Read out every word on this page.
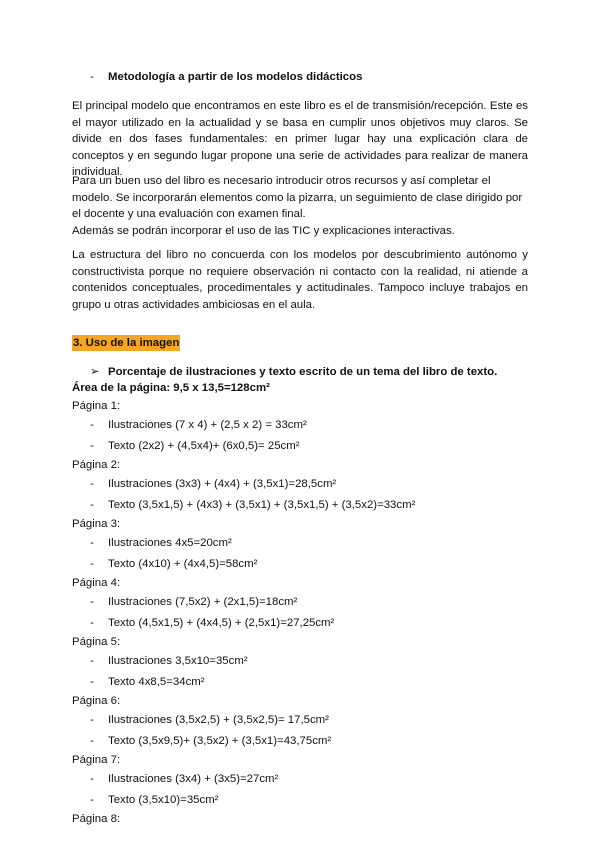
- Metodología a partir de los modelos didácticos

El principal modelo que encontramos en este libro es el de transmisión/recepción. Este es el mayor utilizado en la actualidad y se basa en cumplir unos objetivos muy claros. Se divide en dos fases fundamentales: en primer lugar hay una explicación clara de conceptos y en segundo lugar propone una serie de actividades para realizar de manera individual.

Para un buen uso del libro es necesario introducir otros recursos y así completar el modelo. Se incorporarán elementos como la pizarra, un seguimiento de clase dirigido por el docente y una evaluación con examen final.

Además se podrán incorporar el uso de las TIC y explicaciones interactivas.

La estructura del libro no concuerda con los modelos por descubrimiento autónomo y constructivista porque no requiere observación ni contacto con la realidad, ni atiende a contenidos conceptuales, procedimentales y actitudinales. Tampoco incluye trabajos en grupo u otras actividades ambiciosas en el aula.

3. Uso de la imagen
➢ Porcentaje de ilustraciones y texto escrito de un tema del libro de texto.
Área de la página: 9,5 x 13,5=128cm²
Página 1:
- Ilustraciones (7 x 4) + (2,5 x 2) = 33cm²
- Texto (2x2) + (4,5x4)+ (6x0,5)= 25cm²
Página 2:
- Ilustraciones (3x3) + (4x4) + (3,5x1)=28,5cm²
- Texto (3,5x1,5) + (4x3) + (3,5x1) + (3,5x1,5) + (3,5x2)=33cm²
Página 3:
- Ilustraciones 4x5=20cm²
- Texto (4x10) + (4x4,5)=58cm²
Página 4:
- Ilustraciones (7,5x2) + (2x1,5)=18cm²
- Texto (4,5x1,5) + (4x4,5) + (2,5x1)=27,25cm²
Página 5:
- Ilustraciones 3,5x10=35cm²
- Texto 4x8,5=34cm²
Página 6:
- Ilustraciones (3,5x2,5) + (3,5x2,5)= 17,5cm²
- Texto (3,5x9,5)+ (3,5x2) + (3,5x1)=43,75cm²
Página 7:
- Ilustraciones (3x4) + (3x5)=27cm²
- Texto (3,5x10)=35cm²
Página 8:
